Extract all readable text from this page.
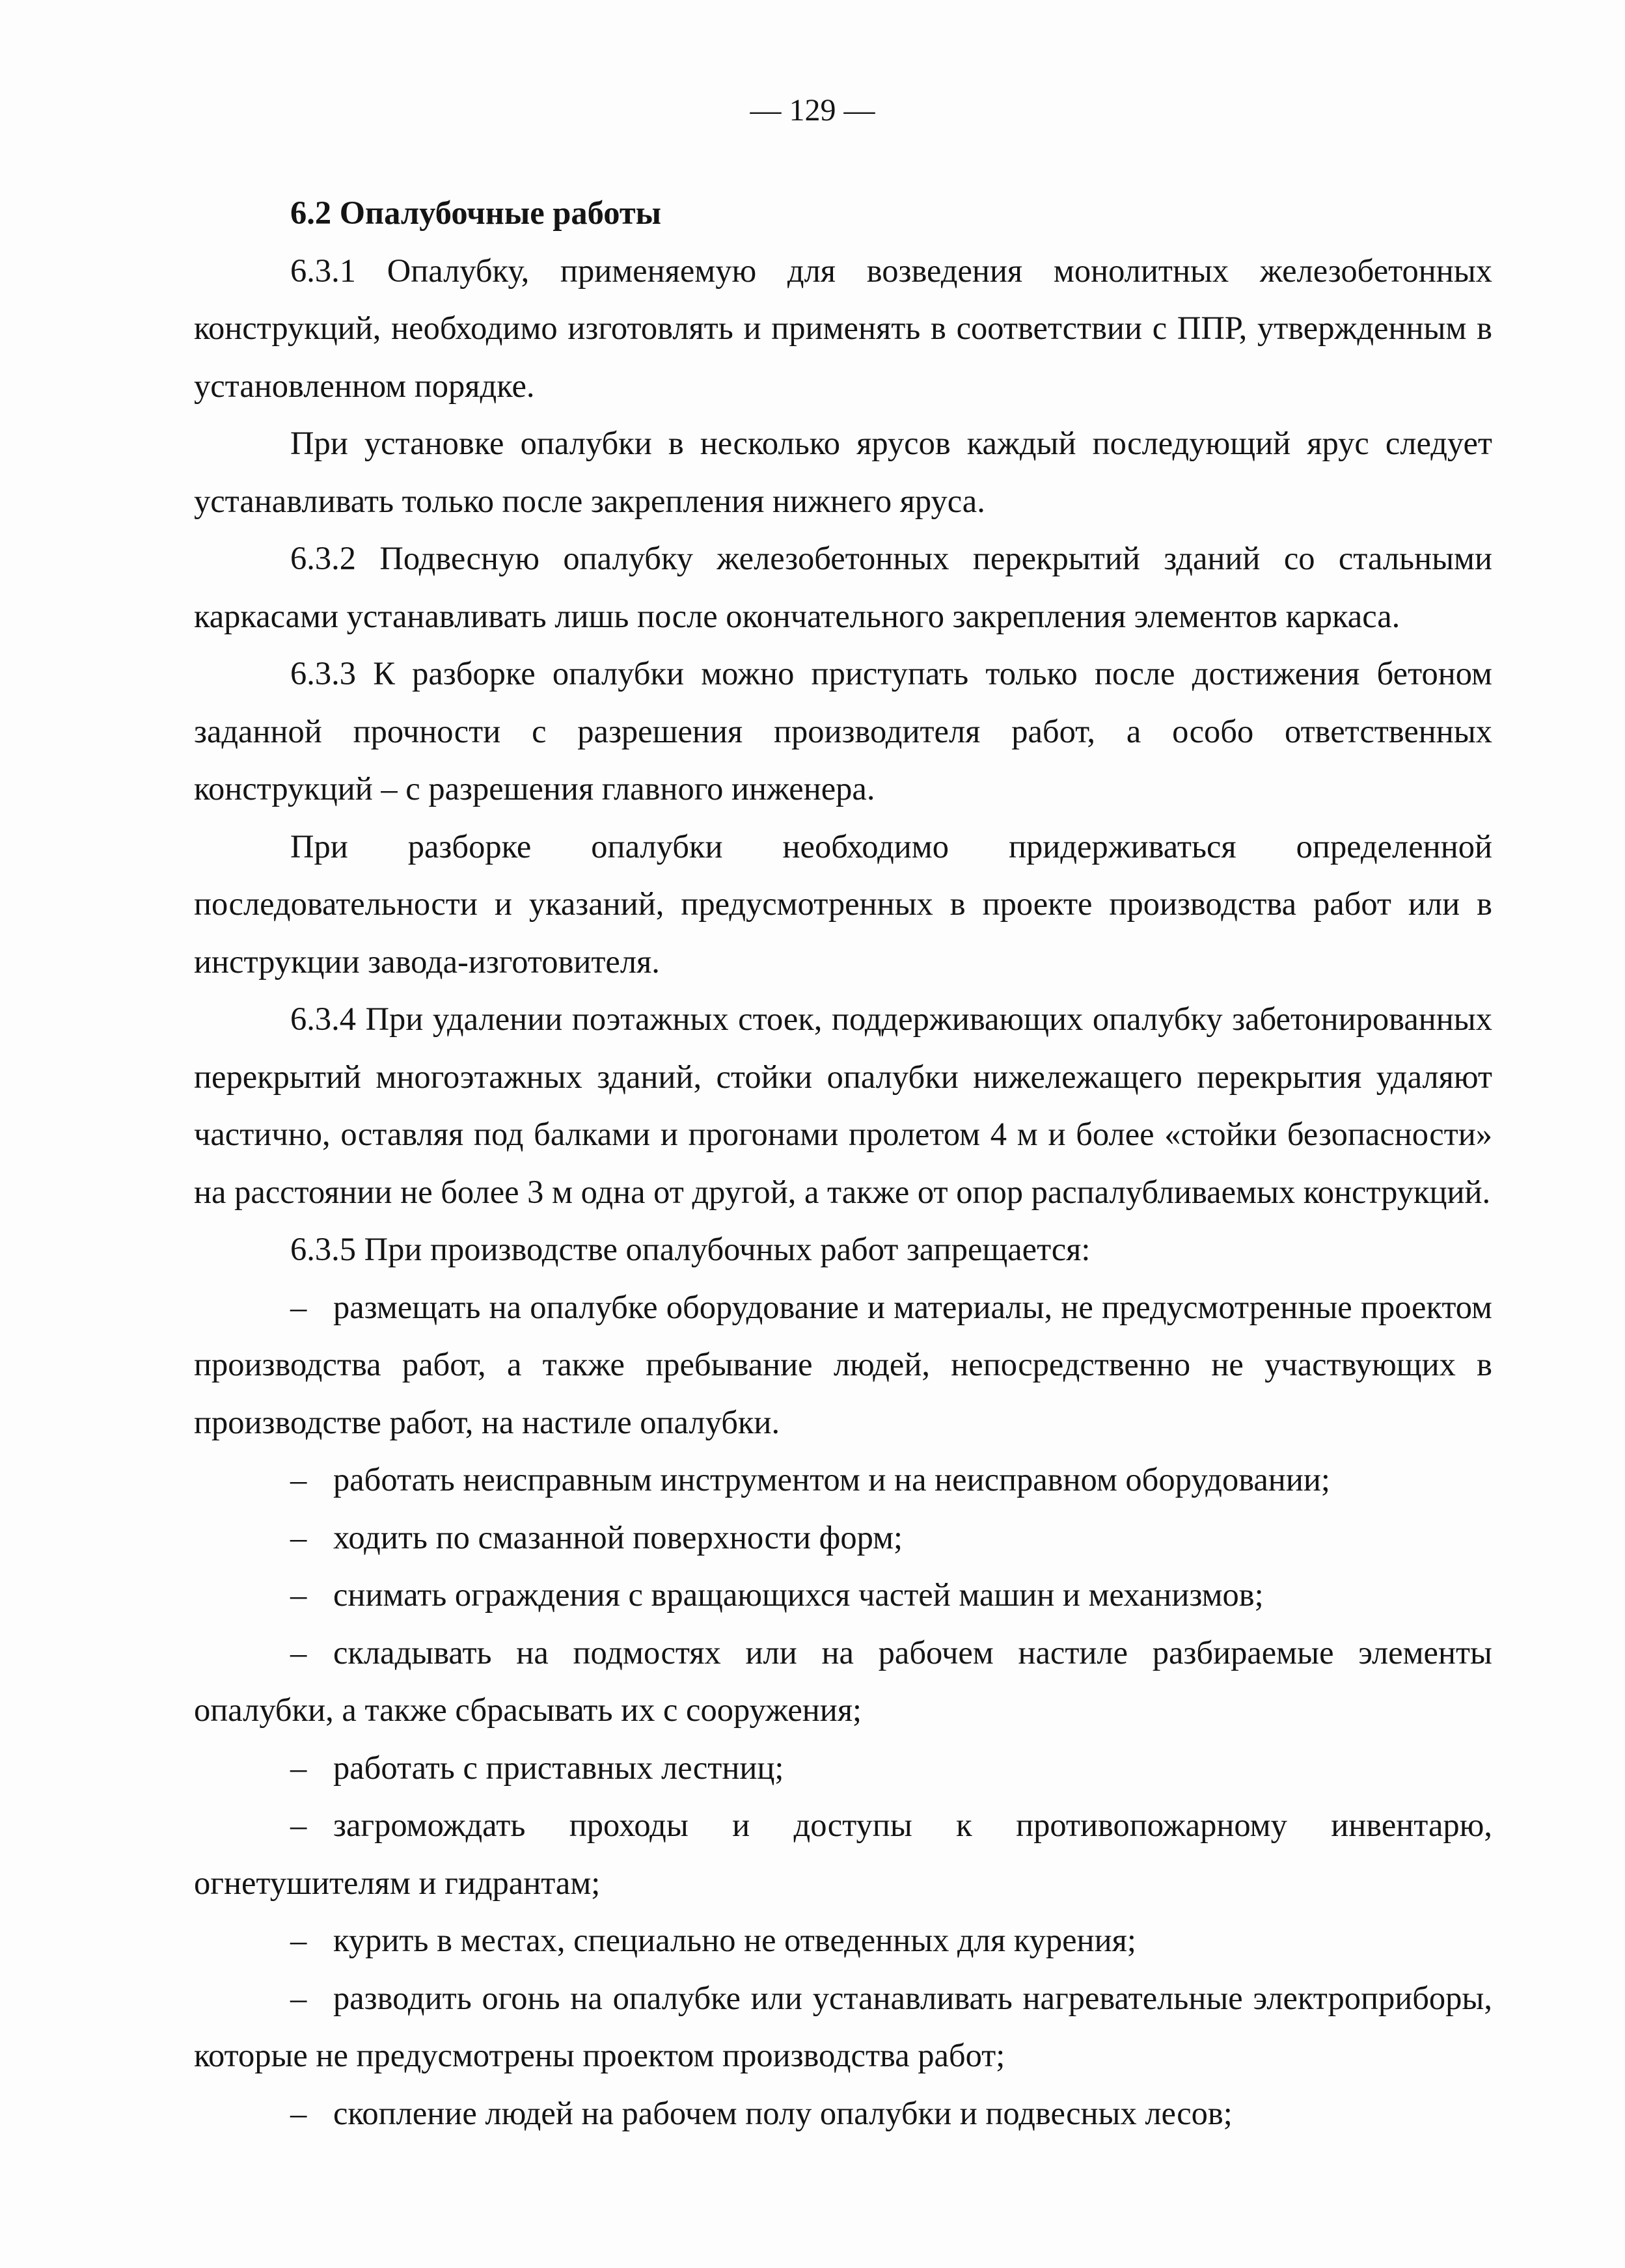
— 129 —

6.2 Опалубочные работы

6.3.1 Опалубку, применяемую для возведения монолитных железобетонных конструкций, необходимо изготовлять и применять в соответствии с ППР, утвержденным в установленном порядке.

При установке опалубки в несколько ярусов каждый последующий ярус следует устанавливать только после закрепления нижнего яруса.

6.3.2 Подвесную опалубку железобетонных перекрытий зданий со стальными каркасами устанавливать лишь после окончательного закрепления элементов каркаса.

6.3.3 К разборке опалубки можно приступать только после достижения бетоном заданной прочности с разрешения производителя работ, а особо ответственных конструкций – с разрешения главного инженера.

При разборке опалубки необходимо придерживаться определенной последовательности и указаний, предусмотренных в проекте производства работ или в инструкции завода-изготовителя.

6.3.4 При удалении поэтажных стоек, поддерживающих опалубку забетонированных перекрытий многоэтажных зданий, стойки опалубки нижележащего перекрытия удаляют частично, оставляя под балками и прогонами пролетом 4 м и более «стойки безопасности» на расстоянии не более 3 м одна от другой, а также от опор распалубливаемых конструкций.

6.3.5 При производстве опалубочных работ запрещается:

– размещать на опалубке оборудование и материалы, не предусмотренные проектом производства работ, а также пребывание людей, непосредственно не участвующих в производстве работ, на настиле опалубки.
– работать неисправным инструментом и на неисправном оборудовании;
– ходить по смазанной поверхности форм;
– снимать ограждения с вращающихся частей машин и механизмов;
– складывать на подмостях или на рабочем настиле разбираемые элементы опалубки, а также сбрасывать их с сооружения;
– работать с приставных лестниц;
– загромождать проходы и доступы к противопожарному инвентарю, огнетушителям и гидрантам;
– курить в местах, специально не отведенных для курения;
– разводить огонь на опалубке или устанавливать нагревательные электроприборы, которые не предусмотрены проектом производства работ;
– скопление людей на рабочем полу опалубки и подвесных лесов;
